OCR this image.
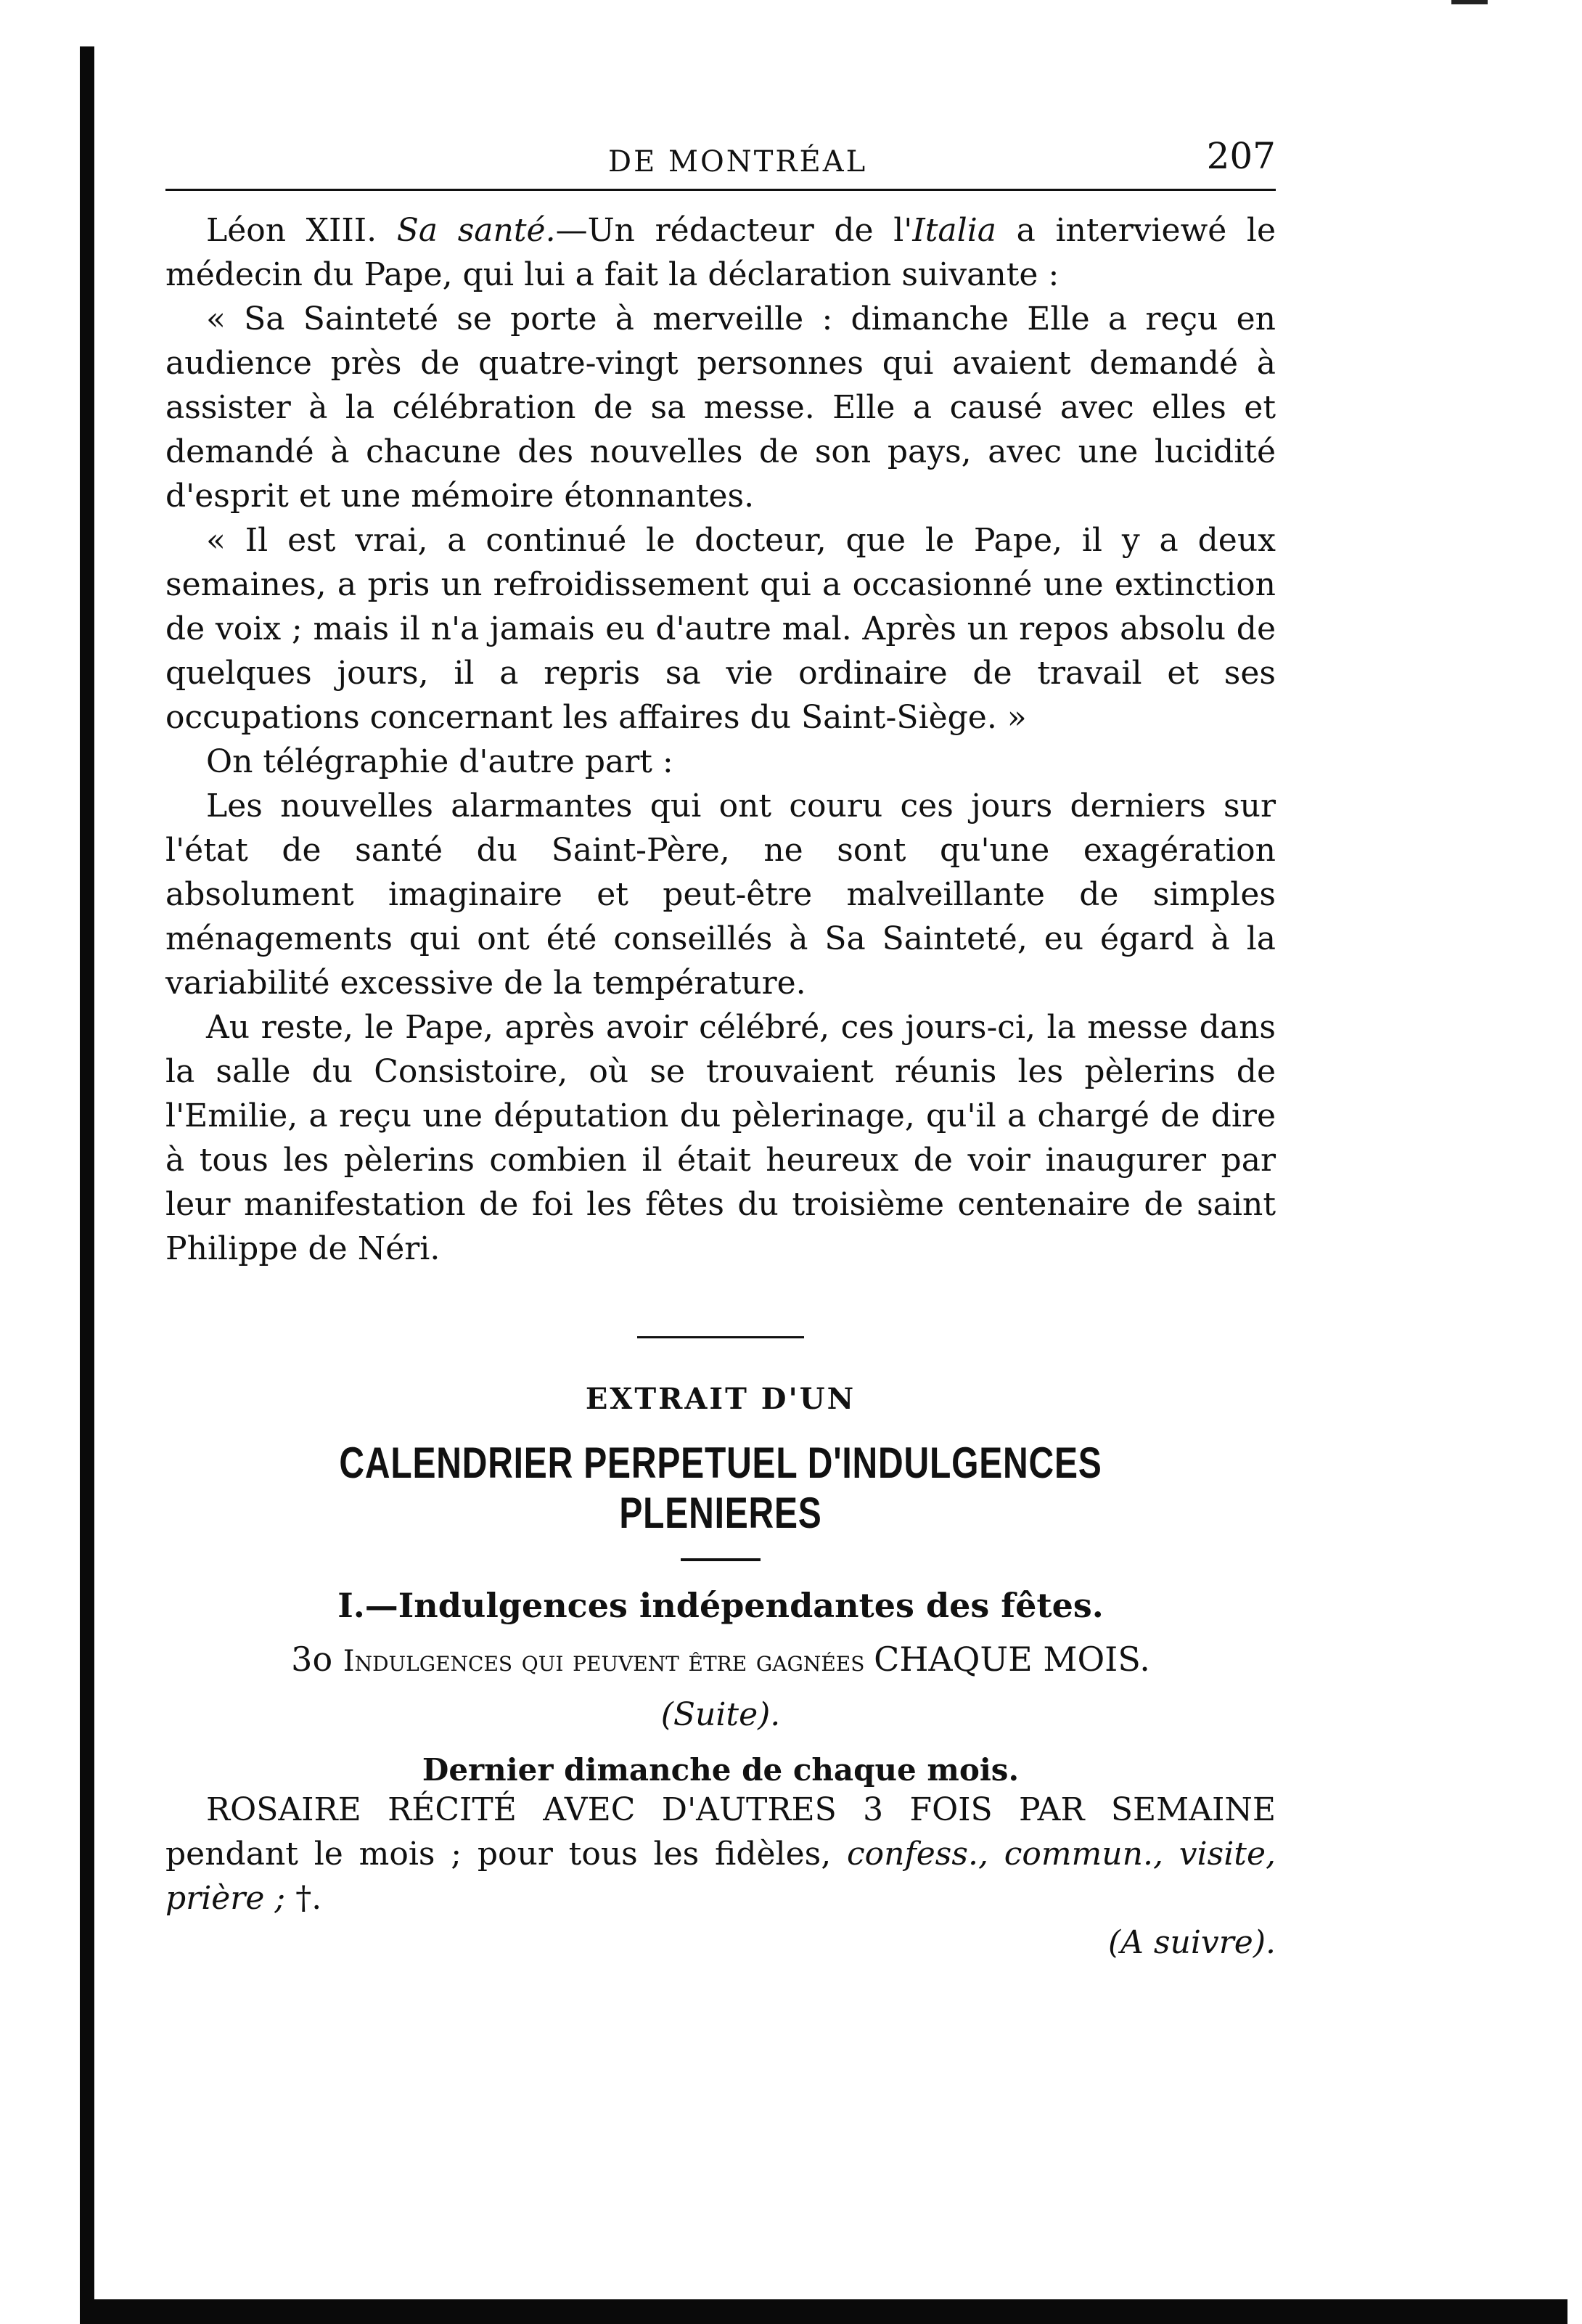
DE MONTRÉAL	207

Léon XIII. Sa santé.—Un rédacteur de l'Italia a interviewé le médecin du Pape, qui lui a fait la déclaration suivante :

« Sa Sainteté se porte à merveille : dimanche Elle a reçu en audience près de quatre-vingt personnes qui avaient demandé à assister à la célébration de sa messe. Elle a causé avec elles et demandé à chacune des nouvelles de son pays, avec une lucidité d'esprit et une mémoire étonnantes.

« Il est vrai, a continué le docteur, que le Pape, il y a deux semaines, a pris un refroidissement qui a occasionné une extinction de voix ; mais il n'a jamais eu d'autre mal. Après un repos absolu de quelques jours, il a repris sa vie ordinaire de travail et ses occupations concernant les affaires du Saint-Siège. »

On télégraphie d'autre part :

Les nouvelles alarmantes qui ont couru ces jours derniers sur l'état de santé du Saint-Père, ne sont qu'une exagération absolument imaginaire et peut-être malveillante de simples ménagements qui ont été conseillés à Sa Sainteté, eu égard à la variabilité excessive de la température.

Au reste, le Pape, après avoir célébré, ces jours-ci, la messe dans la salle du Consistoire, où se trouvaient réunis les pèlerins de l'Emilie, a reçu une députation du pèlerinage, qu'il a chargé de dire à tous les pèlerins combien il était heureux de voir inaugurer par leur manifestation de foi les fêtes du troisième centenaire de saint Philippe de Néri.

EXTRAIT D'UN
CALENDRIER PERPETUEL D'INDULGENCES PLENIERES

I.—Indulgences indépendantes des fêtes.

3o Indulgences qui peuvent être gagnées CHAQUE MOIS.
(Suite).
Dernier dimanche de chaque mois.

ROSAIRE RÉCITÉ AVEC D'AUTRES 3 FOIS PAR SEMAINE pendant le mois ; pour tous les fidèles, confess., commun., visite, prière ; †.

(A suivre).
